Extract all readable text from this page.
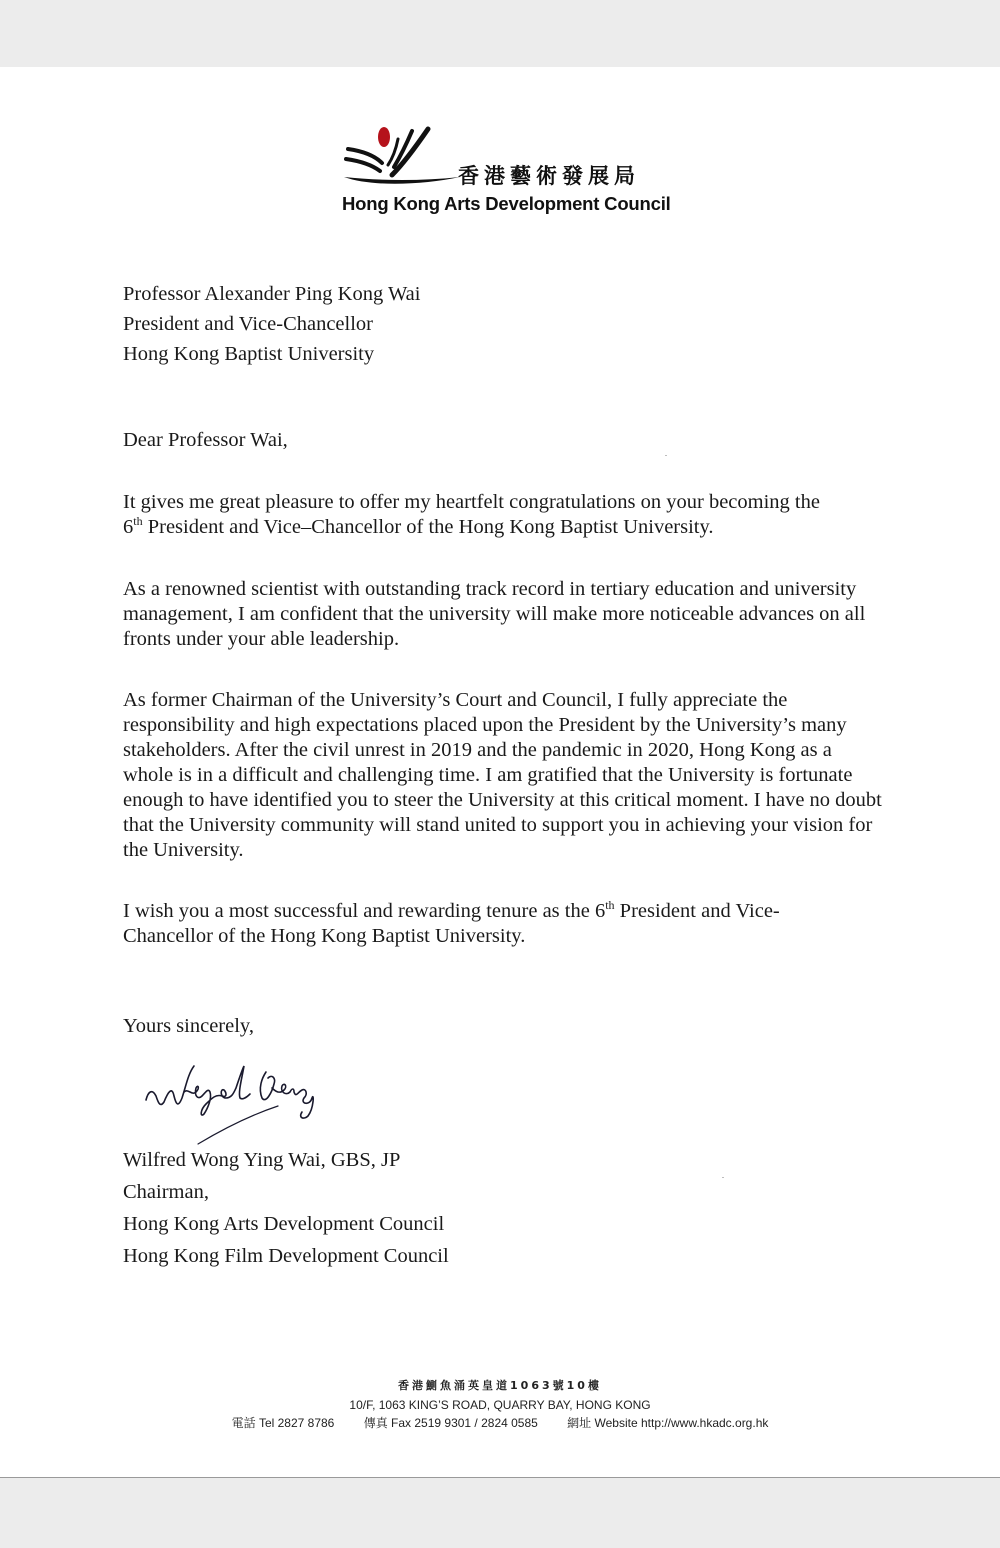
香港藝術發展局
Hong Kong Arts Development Council
Professor Alexander Ping Kong Wai
President and Vice-Chancellor
Hong Kong Baptist University
Dear Professor Wai,
It gives me great pleasure to offer my heartfelt congratulations on your becoming the
6th President and Vice–Chancellor of the Hong Kong Baptist University.
As a renowned scientist with outstanding track record in tertiary education and university management, I am confident that the university will make more noticeable advances on all fronts under your able leadership.
As former Chairman of the University’s Court and Council, I fully appreciate the responsibility and high expectations placed upon the President by the University’s many stakeholders. After the civil unrest in 2019 and the pandemic in 2020, Hong Kong as a whole is in a difficult and challenging time. I am gratified that the University is fortunate enough to have identified you to steer the University at this critical moment. I have no doubt that the University community will stand united to support you in achieving your vision for the University.
I wish you a most successful and rewarding tenure as the 6th President and Vice-
Chancellor of the Hong Kong Baptist University.
Yours sincerely,
Wilfred Wong Ying Wai, GBS, JP
Chairman,
Hong Kong Arts Development Council
Hong Kong Film Development Council
香港鰂魚涌英皇道1063號10樓
10/F, 1063 KING’S ROAD, QUARRY BAY, HONG KONG
電話 Tel 2827 8786 傳真 Fax 2519 9301 / 2824 0585 網址 Website http://www.hkadc.org.hk
